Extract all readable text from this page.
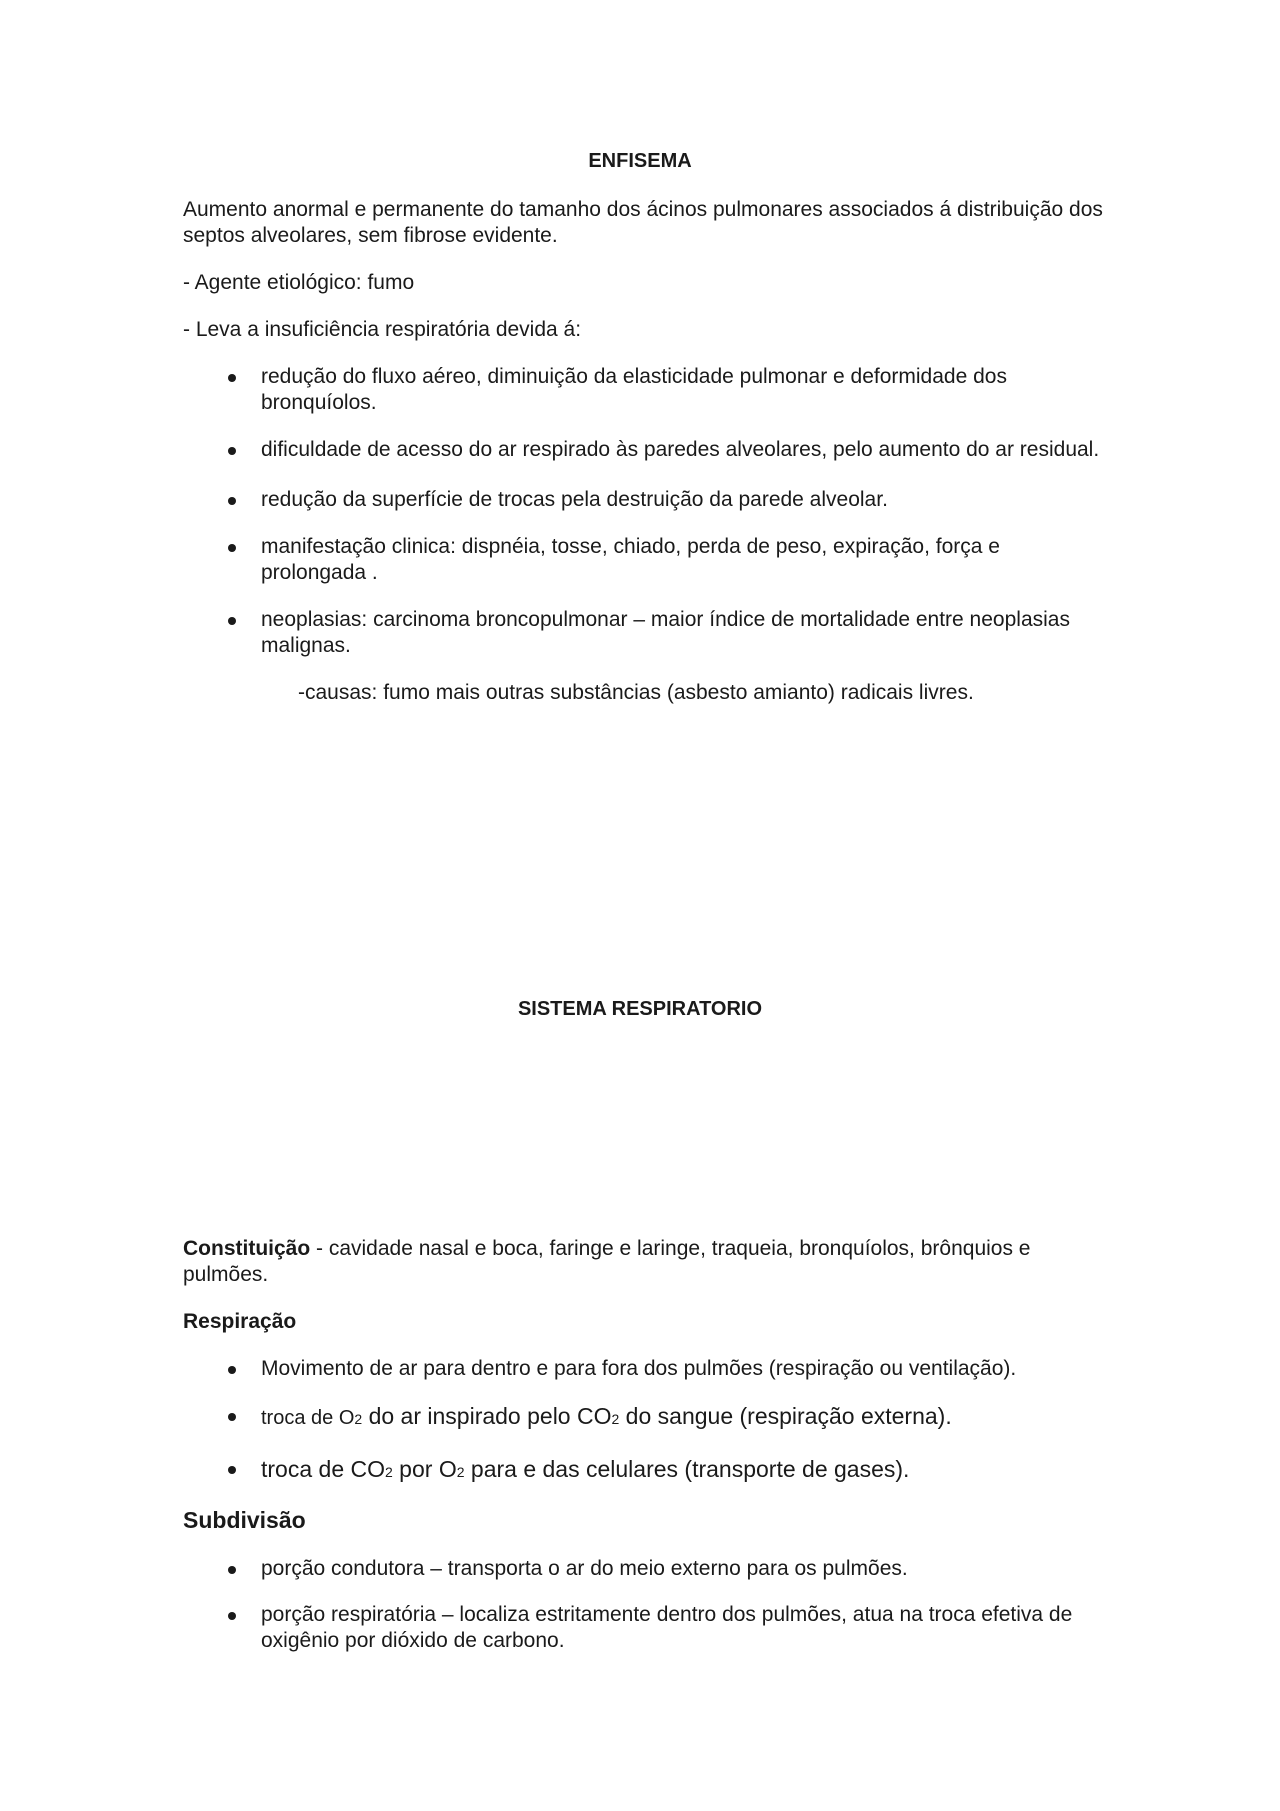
ENFISEMA

Aumento anormal e permanente do tamanho dos ácinos pulmonares associados á distribuição dos septos alveolares, sem fibrose evidente.

- Agente etiológico: fumo

- Leva a insuficiência respiratória devida á:

redução do fluxo aéreo, diminuição da elasticidade pulmonar e deformidade dos bronquíolos.
dificuldade de acesso do ar respirado às paredes alveolares, pelo aumento do ar residual.
redução da superfície de trocas pela destruição da parede alveolar.
manifestação clinica: dispnéia, tosse, chiado, perda de peso, expiração, força e prolongada .
neoplasias: carcinoma broncopulmonar – maior índice de mortalidade entre neoplasias malignas.

-causas: fumo mais outras substâncias (asbesto amianto) radicais livres.

SISTEMA RESPIRATORIO

Constituição - cavidade nasal e boca, faringe e laringe, traqueia, bronquíolos, brônquios e pulmões.

Respiração

Movimento de ar para dentro e para fora dos pulmões (respiração ou ventilação).
troca de O2 do ar inspirado pelo CO2 do sangue (respiração externa).
troca de CO2 por O2 para e das celulares (transporte de gases).

Subdivisão

porção condutora – transporta o ar do meio externo para os pulmões.
porção respiratória – localiza estritamente dentro dos pulmões, atua na troca efetiva de oxigênio por dióxido de carbono.
